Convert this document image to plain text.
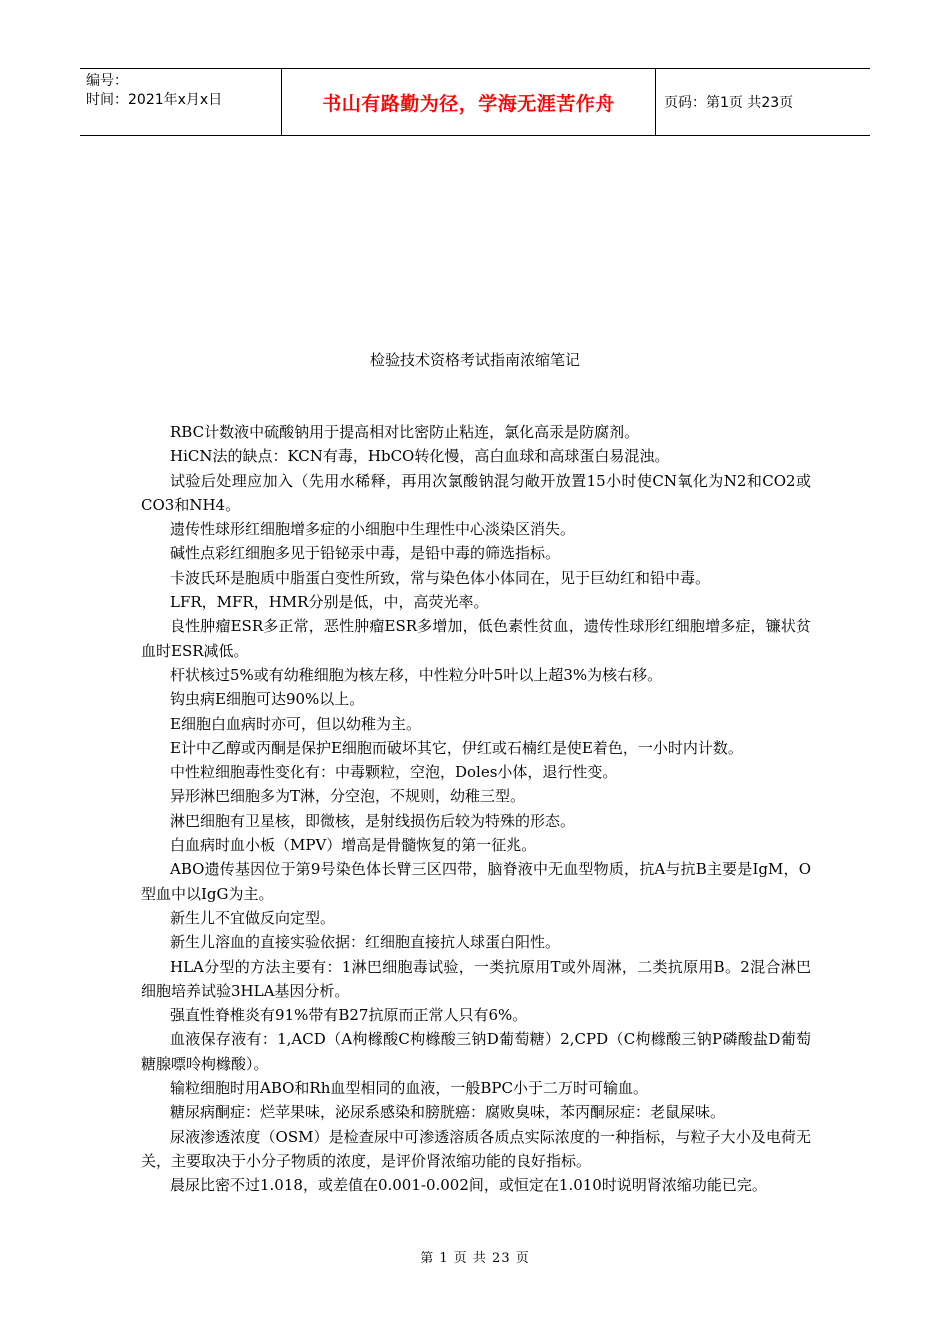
编号：
时间：2021年x月x日	书山有路勤为径，学海无涯苦作舟	页码：第1页 共23页
检验技术资格考试指南浓缩笔记

RBC计数液中硫酸钠用于提高相对比密防止粘连，氯化高汞是防腐剂。

HiCN法的缺点：KCN有毒，HbCO转化慢，高白血球和高球蛋白易混浊。

试验后处理应加入（先用水稀释，再用次氯酸钠混匀敞开放置15小时使CN氧化为N2和CO2或CO3和NH4。

遗传性球形红细胞增多症的小细胞中生理性中心淡染区消失。

碱性点彩红细胞多见于铅铋汞中毒，是铅中毒的筛选指标。

卡波氏环是胞质中脂蛋白变性所致，常与染色体小体同在，见于巨幼红和铅中毒。

LFR，MFR，HMR分别是低，中，高荧光率。

良性肿瘤ESR多正常，恶性肿瘤ESR多增加，低色素性贫血，遗传性球形红细胞增多症，镰状贫血时ESR减低。

杆状核过5%或有幼稚细胞为核左移，中性粒分叶5叶以上超3%为核右移。

钩虫病E细胞可达90%以上。

E细胞白血病时亦可，但以幼稚为主。

E计中乙醇或丙酮是保护E细胞而破坏其它，伊红或石楠红是使E着色，一小时内计数。

中性粒细胞毒性变化有：中毒颗粒，空泡，Doles小体，退行性变。

异形淋巴细胞多为T淋，分空泡，不规则，幼稚三型。

淋巴细胞有卫星核，即微核，是射线损伤后较为特殊的形态。

白血病时血小板（MPV）增高是骨髓恢复的第一征兆。

ABO遗传基因位于第9号染色体长臂三区四带，脑脊液中无血型物质，抗A与抗B主要是IgM，O型血中以IgG为主。

新生儿不宜做反向定型。

新生儿溶血的直接实验依据：红细胞直接抗人球蛋白阳性。

HLA分型的方法主要有：1淋巴细胞毒试验，一类抗原用T或外周淋，二类抗原用B。2混合淋巴细胞培养试验3HLA基因分析。

强直性脊椎炎有91%带有B27抗原而正常人只有6%。

血液保存液有：1,ACD（A枸橼酸C枸橼酸三钠D葡萄糖）2,CPD（C枸橼酸三钠P磷酸盐D葡萄糖腺嘌呤枸橼酸）。

输粒细胞时用ABO和Rh血型相同的血液，一般BPC小于二万时可输血。

糖尿病酮症：烂苹果味，泌尿系感染和膀胱癌：腐败臭味，苯丙酮尿症：老鼠屎味。

尿液渗透浓度（OSM）是检查尿中可渗透溶质各质点实际浓度的一种指标，与粒子大小及电荷无关，主要取决于小分子物质的浓度，是评价肾浓缩功能的良好指标。

晨尿比密不过1.018，或差值在0.001-0.002间，或恒定在1.010时说明肾浓缩功能已完。

第 1 页 共 23 页
